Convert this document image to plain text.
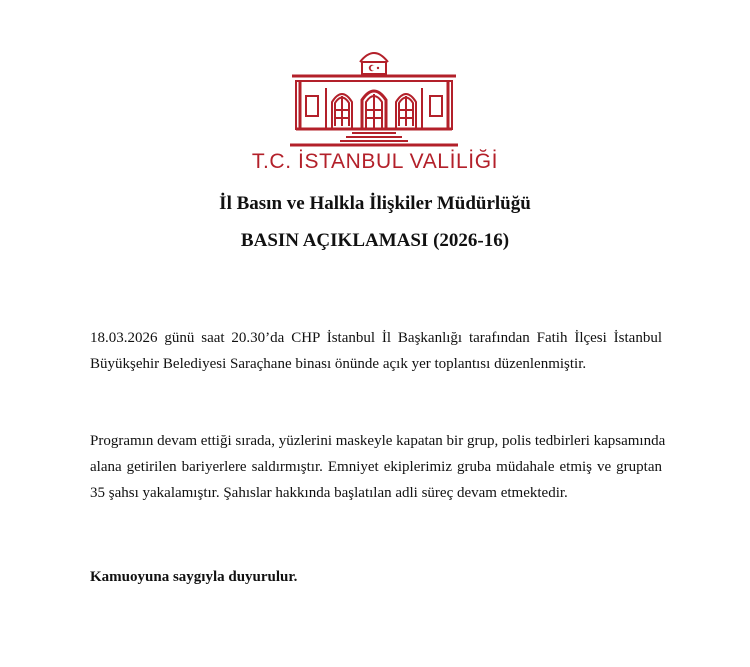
T.C. İSTANBUL VALİLİĞİ
İl Basın ve Halkla İlişkiler Müdürlüğü
BASIN AÇIKLAMASI (2026-16)
18.03.2026 günü saat 20.30’da CHP İstanbul İl Başkanlığı tarafından Fatih İlçesi İstanbul
Büyükşehir Belediyesi Saraçhane binası önünde açık yer toplantısı düzenlenmiştir.
Programın devam ettiği sırada, yüzlerini maskeyle kapatan bir grup, polis tedbirleri kapsamında
alana getirilen bariyerlere saldırmıştır. Emniyet ekiplerimiz gruba müdahale etmiş ve gruptan
35 şahsı yakalamıştır. Şahıslar hakkında başlatılan adli süreç devam etmektedir.
Kamuoyuna saygıyla duyurulur.
